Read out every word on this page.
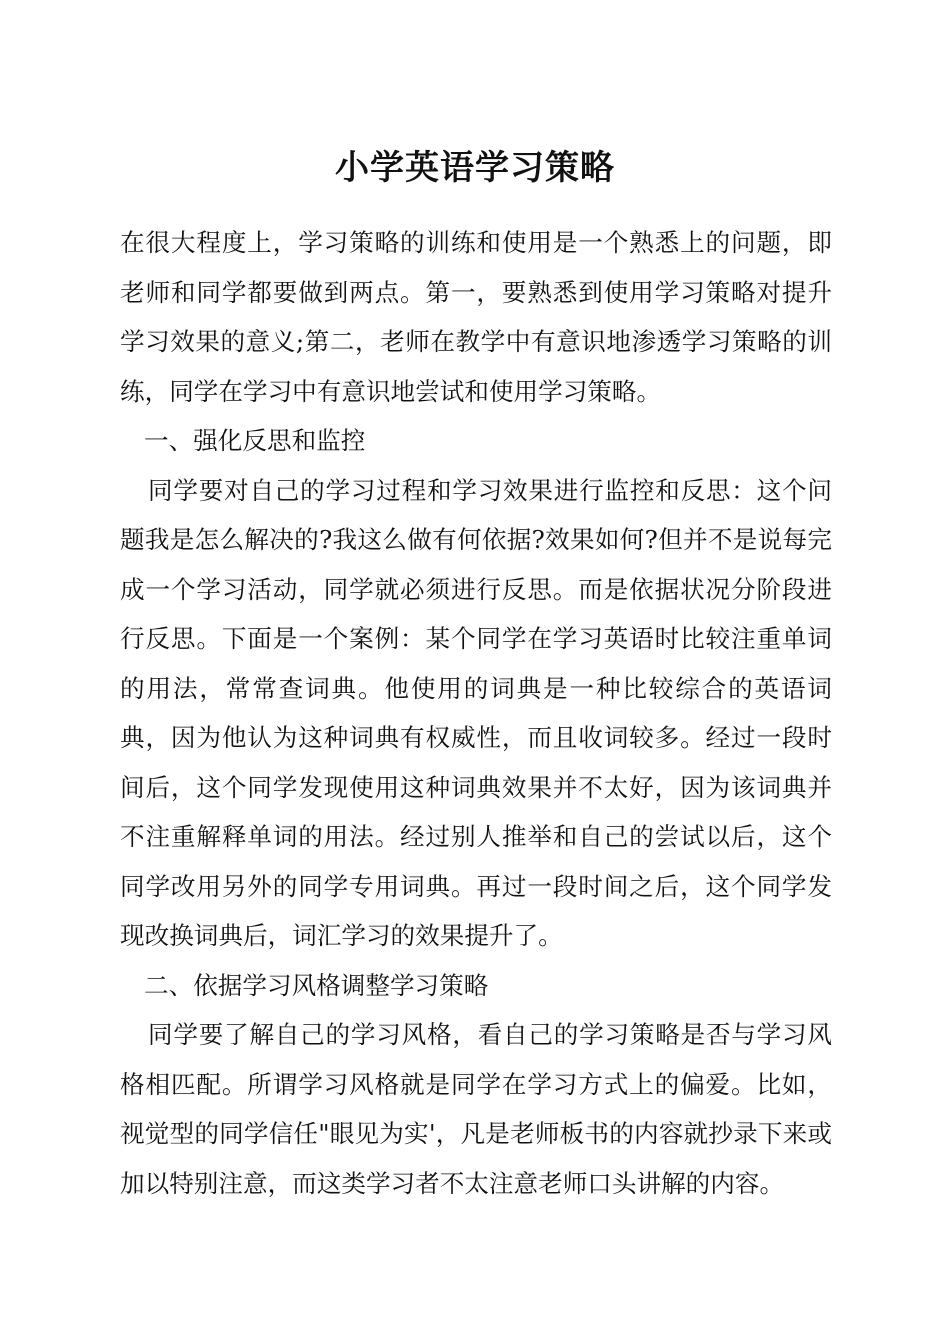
小学英语学习策略

在很大程度上，学习策略的训练和使用是一个熟悉上的问题，即老师和同学都要做到两点。第一，要熟悉到使用学习策略对提升学习效果的意义;第二，老师在教学中有意识地渗透学习策略的训练，同学在学习中有意识地尝试和使用学习策略。

一、强化反思和监控

同学要对自己的学习过程和学习效果进行监控和反思：这个问题我是怎么解决的?我这么做有何依据?效果如何?但并不是说每完成一个学习活动，同学就必须进行反思。而是依据状况分阶段进行反思。下面是一个案例：某个同学在学习英语时比较注重单词的用法，常常查词典。他使用的词典是一种比较综合的英语词典，因为他认为这种词典有权威性，而且收词较多。经过一段时间后，这个同学发现使用这种词典效果并不太好，因为该词典并不注重解释单词的用法。经过别人推举和自己的尝试以后，这个同学改用另外的同学专用词典。再过一段时间之后，这个同学发现改换词典后，词汇学习的效果提升了。

二、依据学习风格调整学习策略

同学要了解自己的学习风格，看自己的学习策略是否与学习风格相匹配。所谓学习风格就是同学在学习方式上的偏爱。比如，视觉型的同学信任"眼见为实'，凡是老师板书的内容就抄录下来或加以特别注意，而这类学习者不太注意老师口头讲解的内容。
